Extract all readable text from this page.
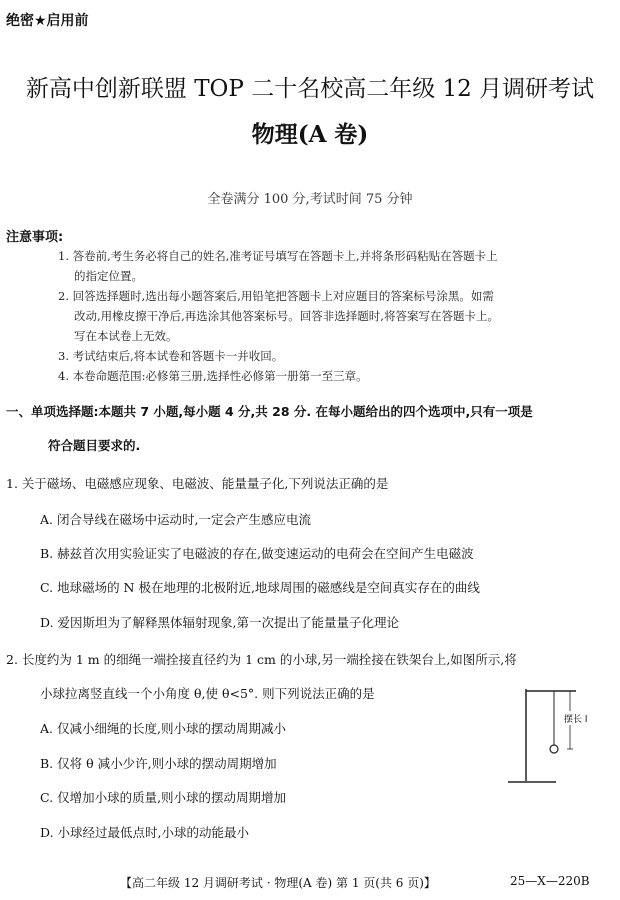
绝密★启用前
新高中创新联盟 TOP 二十名校高二年级 12 月调研考试
物理(A 卷)
全卷满分 100 分,考试时间 75 分钟
注意事项:
1. 答卷前,考生务必将自己的姓名,准考证号填写在答题卡上,并将条形码粘贴在答题卡上
的指定位置。
2. 回答选择题时,选出每小题答案后,用铅笔把答题卡上对应题目的答案标号涂黑。如需
改动,用橡皮擦干净后,再选涂其他答案标号。回答非选择题时,将答案写在答题卡上。
写在本试卷上无效。
3. 考试结束后,将本试卷和答题卡一并收回。
4. 本卷命题范围:必修第三册,选择性必修第一册第一至三章。
一、单项选择题:本题共 7 小题,每小题 4 分,共 28 分. 在每小题给出的四个选项中,只有一项是
符合题目要求的.
1. 关于磁场、电磁感应现象、电磁波、能量量子化,下列说法正确的是
A. 闭合导线在磁场中运动时,一定会产生感应电流
B. 赫兹首次用实验证实了电磁波的存在,做变速运动的电荷会在空间产生电磁波
C. 地球磁场的 N 极在地理的北极附近,地球周围的磁感线是空间真实存在的曲线
D. 爱因斯坦为了解释黑体辐射现象,第一次提出了能量量子化理论
2. 长度约为 1 m 的细绳一端拴接直径约为 1 cm 的小球,另一端拴接在铁架台上,如图所示,将
小球拉离竖直线一个小角度 θ,使 θ<5°. 则下列说法正确的是
A. 仅减小细绳的长度,则小球的摆动周期减小
B. 仅将 θ 减小少许,则小球的摆动周期增加
C. 仅增加小球的质量,则小球的摆动周期增加
D. 小球经过最低点时,小球的动能最小
摆长 l
【高二年级 12 月调研考试 · 物理(A 卷) 第 1 页(共 6 页)】	25—X—220B
